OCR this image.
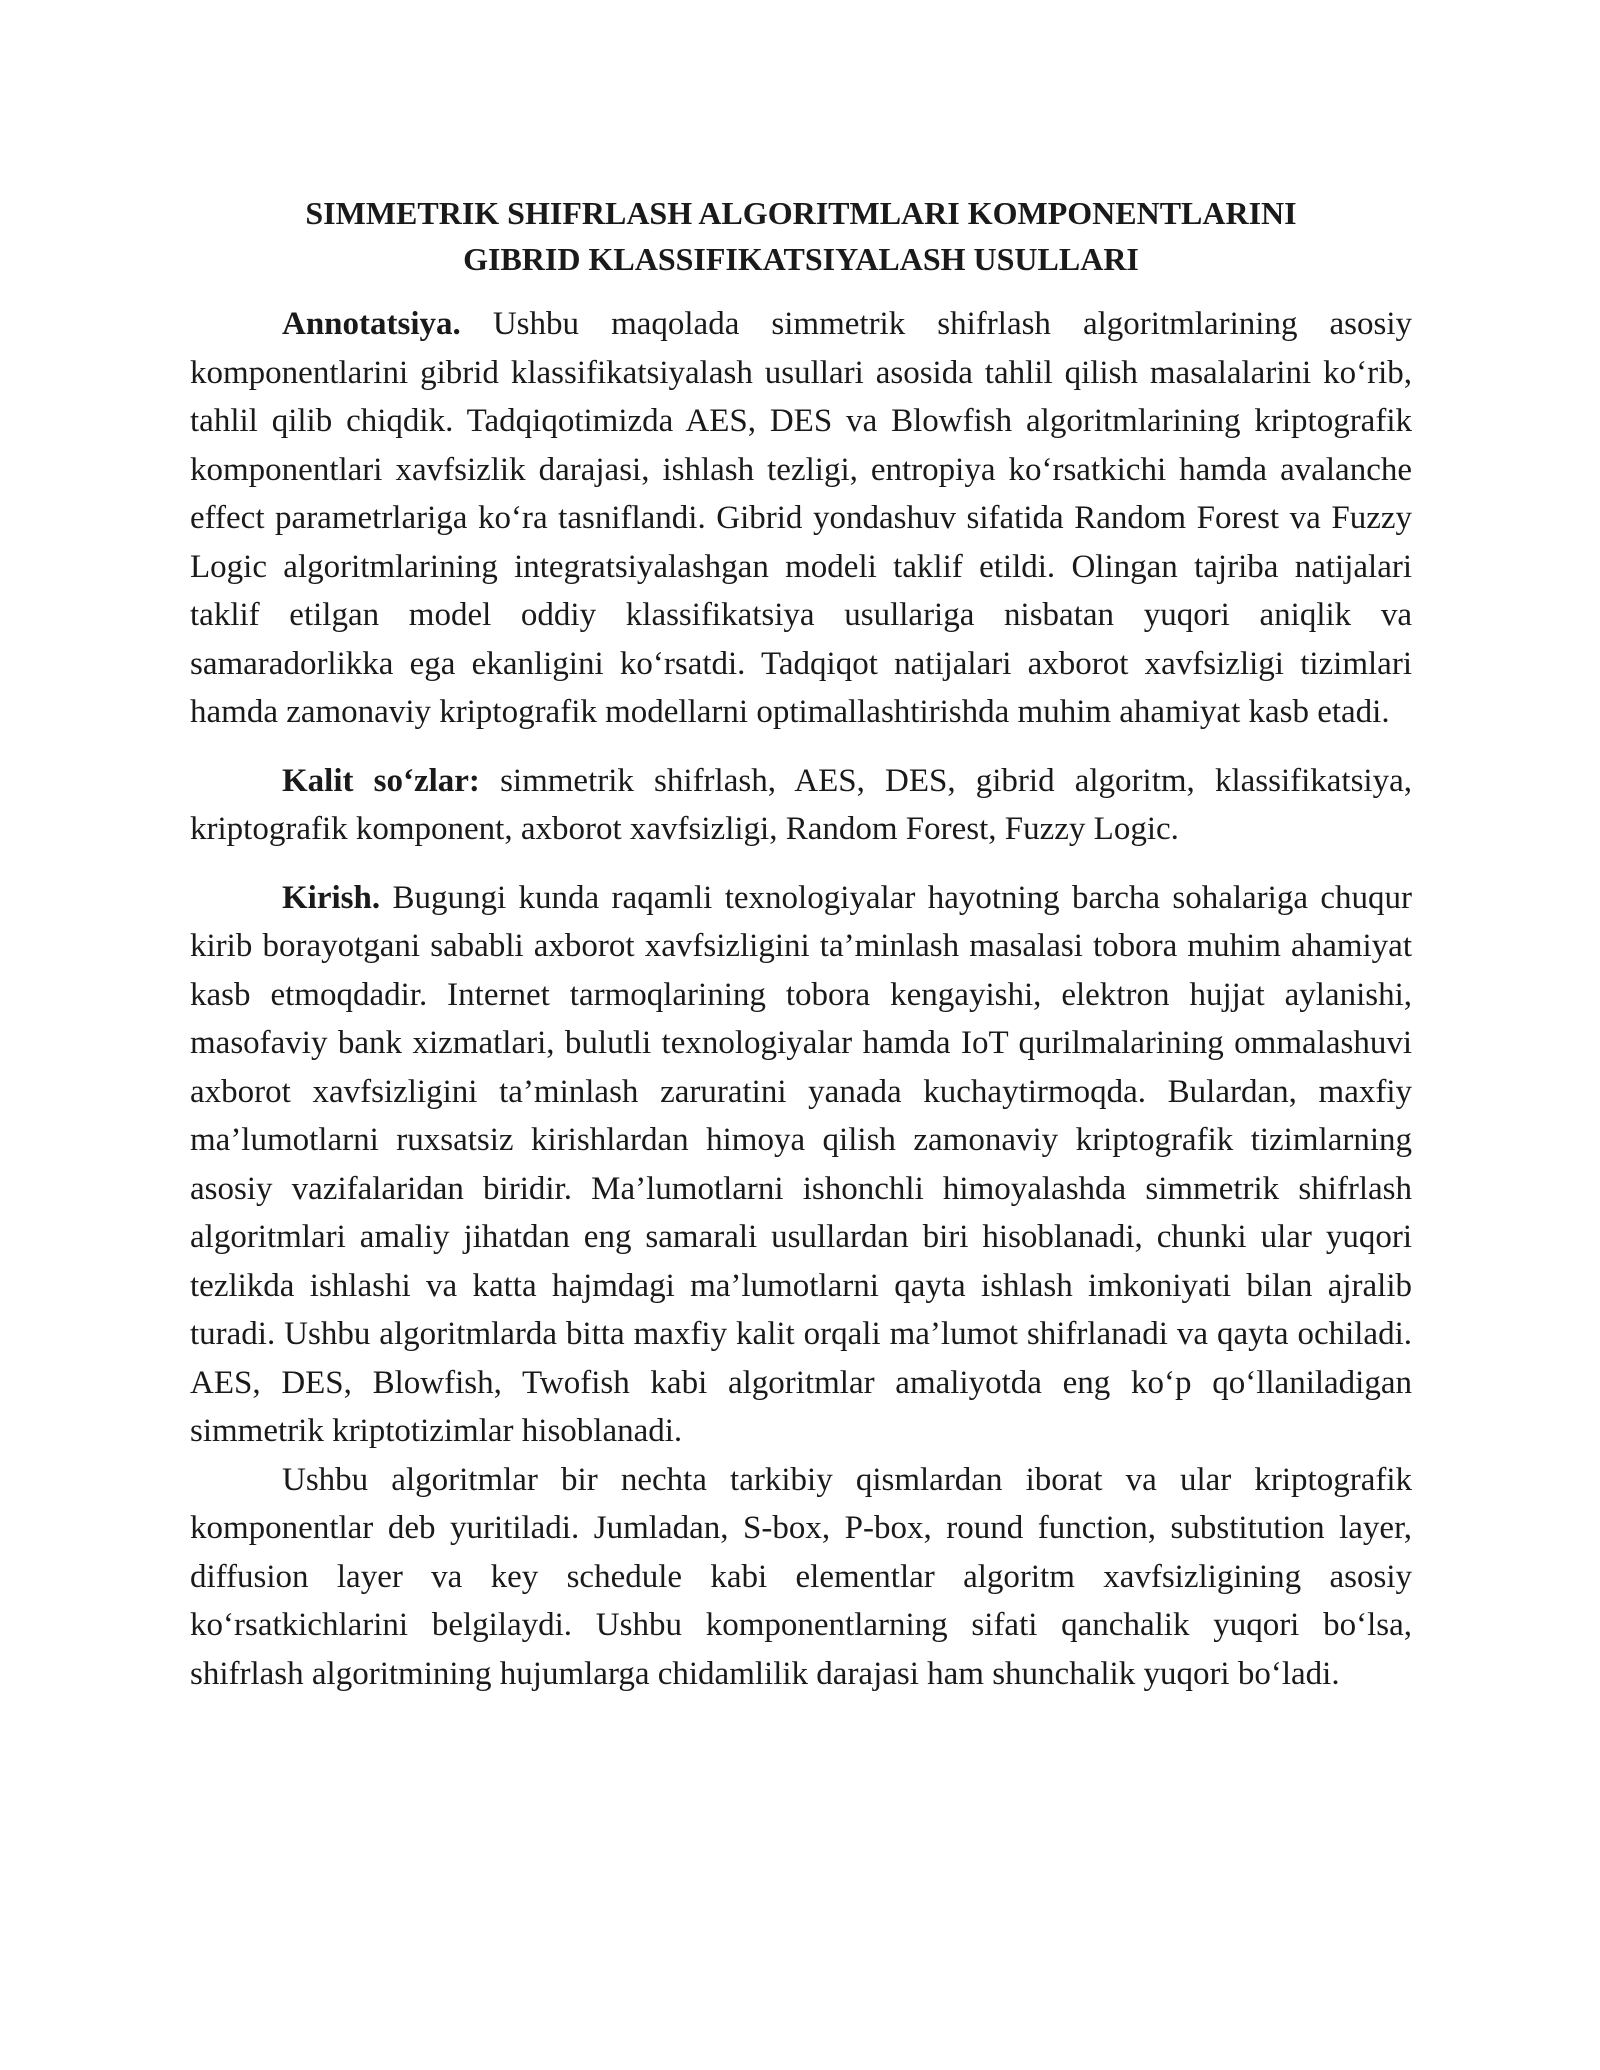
SIMMETRIK SHIFRLASH ALGORITMLARI KOMPONENTLARINI
GIBRID KLASSIFIKATSIYALASH USULLARI

Annotatsiya. Ushbu maqolada simmetrik shifrlash algoritmlarining asosiy komponentlarini gibrid klassifikatsiyalash usullari asosida tahlil qilish masalalarini ko‘rib, tahlil qilib chiqdik. Tadqiqotimizda AES, DES va Blowfish algoritmlarining kriptografik komponentlari xavfsizlik darajasi, ishlash tezligi, entropiya ko‘rsatkichi hamda avalanche effect parametrlariga ko‘ra tasniflandi. Gibrid yondashuv sifatida Random Forest va Fuzzy Logic algoritmlarining integratsiyalashgan modeli taklif etildi. Olingan tajriba natijalari taklif etilgan model oddiy klassifikatsiya usullariga nisbatan yuqori aniqlik va samaradorlikka ega ekanligini ko‘rsatdi. Tadqiqot natijalari axborot xavfsizligi tizimlari hamda zamonaviy kriptografik modellarni optimallashtirishda muhim ahamiyat kasb etadi.

Kalit so‘zlar: simmetrik shifrlash, AES, DES, gibrid algoritm, klassifikatsiya, kriptografik komponent, axborot xavfsizligi, Random Forest, Fuzzy Logic.

Kirish. Bugungi kunda raqamli texnologiyalar hayotning barcha sohalariga chuqur kirib borayotgani sababli axborot xavfsizligini ta’minlash masalasi tobora muhim ahamiyat kasb etmoqdadir. Internet tarmoqlarining tobora kengayishi, elektron hujjat aylanishi, masofaviy bank xizmatlari, bulutli texnologiyalar hamda IoT qurilmalarining ommalashuvi axborot xavfsizligini ta’minlash zaruratini yanada kuchaytirmoqda. Bulardan, maxfiy ma’lumotlarni ruxsatsiz kirishlardan himoya qilish zamonaviy kriptografik tizimlarning asosiy vazifalaridan biridir. Ma’lumotlarni ishonchli himoyalashda simmetrik shifrlash algoritmlari amaliy jihatdan eng samarali usullardan biri hisoblanadi, chunki ular yuqori tezlikda ishlashi va katta hajmdagi ma’lumotlarni qayta ishlash imkoniyati bilan ajralib turadi. Ushbu algoritmlarda bitta maxfiy kalit orqali ma’lumot shifrlanadi va qayta ochiladi. AES, DES, Blowfish, Twofish kabi algoritmlar amaliyotda eng ko‘p qo‘llaniladigan simmetrik kriptotizimlar hisoblanadi.

Ushbu algoritmlar bir nechta tarkibiy qismlardan iborat va ular kriptografik komponentlar deb yuritiladi. Jumladan, S-box, P-box, round function, substitution layer, diffusion layer va key schedule kabi elementlar algoritm xavfsizligining asosiy ko‘rsatkichlarini belgilaydi. Ushbu komponentlarning sifati qanchalik yuqori bo‘lsa, shifrlash algoritmining hujumlarga chidamlilik darajasi ham shunchalik yuqori bo‘ladi.
